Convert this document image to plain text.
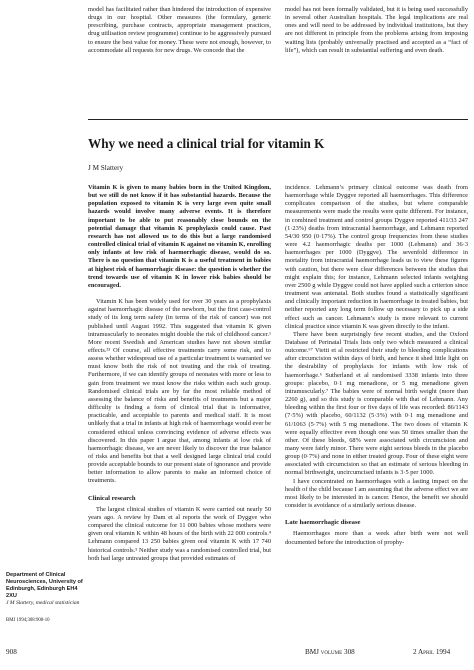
model has facilitated rather than hindered the introduction of expensive drugs in our hospital. Other measures (the formulary, generic prescribing, purchase contracts, appropriate management practices, drug utilisation review programme) continue to be aggressively pursued to ensure the best value for money. These were not enough, however, to accommodate all requests for new drugs. We concede that the
model has not been formally validated, but it is being used successfully in several other Australian hospitals. The legal implications are real ones and will need to be addressed by individual institutions, but they are not different in principle from the problems arising from imposing waiting lists (probably universally practised and accepted as a “fact of life”), which can result in substantial suffering and even death.
Why we need a clinical trial for vitamin K
J M Slattery

Vitamin K is given to many babies born in the United Kingdom, but we still do not know if it has substantial hazards. Because the population exposed to vitamin K is very large even quite small hazards would involve many adverse events. It is therefore important to be able to put reasonably close bounds on the potential damage that vitamin K prophylaxis could cause. Past research has not allowed us to do this but a large randomised controlled clinical trial of vitamin K against no vitamin K, enrolling only infants at low risk of haemorrhagic disease, would do so. There is no question that vitamin K is a useful treatment in babies at highest risk of haemorrhagic disease: the question is whether the trend towards use of vitamin K in lower risk babies should be encouraged.

Vitamin K has been widely used for over 30 years as a prophylaxis against haemorrhagic disease of the newborn, but the first case-control study of its long term safety (in terms of the risk of cancer) was not published until August 1992. This suggested that vitamin K given intramuscularly to neonates might double the risk of childhood cancer.¹ More recent Swedish and American studies have not shown similar effects.²³ Of course, all effective treatments carry some risk, and to assess whether widespread use of a particular treatment is warranted we must know both the risk of not treating and the risk of treating. Furthermore, if we can identify groups of neonates with more or less to gain from treatment we must know the risks within each such group. Randomised clinical trials are by far the most reliable method of assessing the balance of risks and benefits of treatments but a major difficulty is finding a form of clinical trial that is informative, practicable, and acceptable to parents and medical staff. It is most unlikely that a trial in infants at high risk of haemorrhage would ever be considered ethical unless convincing evidence of adverse effects was discovered. In this paper I argue that, among infants at low risk of haemorrhagic disease, we are never likely to discover the true balance of risks and benefits but that a well designed large clinical trial could provide acceptable bounds to our present state of ignorance and provide better information to allow parents to make an informed choice of treatments.

Clinical research

The largest clinical studies of vitamin K were carried out nearly 50 years ago. A review by Dam et al reports the work of Dyggve who compared the clinical outcome for 11 000 babies whose mothers were given oral vitamin K within 48 hours of the birth with 22 000 controls.⁴ Lehmann compared 13 250 babies given oral vitamin K with 17 740 historical controls.⁵ Neither study was a randomised controlled trial, but both had large untreated groups that provided estimates of

incidence. Lehmann’s primary clinical outcome was death from haemorrhage while Dyggve reported all haemorrhages. This difference complicates comparison of the studies, but where comparable measurements were made the results were quite different. For instance, in combined treatment and control groups Dyggve reported 411/33 247 (1·23%) deaths from intracranial haemorrhage, and Lehmann reported 54/30 950 (0·17%). The control group frequencies from these studies were 4.2 haemorrhagic deaths per 1000 (Lehmann) and 36·3 haemorrhages per 1000 (Dyggve). The sevenfold difference in mortality from intracranial haemorrhage leads us to view these figures with caution, but there were clear differences between the studies that might explain this; for instance, Lehmann selected infants weighing over 2500 g while Dyggve could not have applied such a criterion since treatment was antenatal. Both studies found a statistically significant and clinically important reduction in haemorrhage in treated babies, but neither reported any long term follow up necessary to pick up a side effect such as cancer. Lehmann’s study is more relevant to current clinical practice since vitamin K was given directly to the infant.

There have been surprisingly few recent studies, and the Oxford Database of Perinatal Trials lists only two which measured a clinical outcome.⁶⁷ Vietti et al restricted their study to bleeding complications after circumcision within days of birth, and hence it shed little light on the desirability of prophylaxis for infants with low risk of haemorrhage.⁶ Sutherland et al randomised 3338 infants into three groups: placebo, 0·1 mg menadione, or 5 mg menadione given intramuscularly.⁷ The babies were of normal birth weight (more than 2260 g), and so this study is comparable with that of Lehmann. Any bleeding within the first four or five days of life was recorded: 86/1143 (7·5%) with placebo, 60/1132 (5·3%) with 0·1 mg menadione and 61/1063 (5·7%) with 5 mg menadione. The two doses of vitamin K were equally effective even though one was 50 times smaller than the other. Of these bleeds, 68% were associated with circumcision and many were fairly minor. There were eight serious bleeds in the placebo group (0·7%) and none in either treated group. Four of these eight were associated with circumcision so that an estimate of serious bleeding in normal birthweight, uncircumcised infants is 3·5 per 1000.

I have concentrated on haemorrhages with a lasting impact on the health of the child because I am assuming that the adverse effect we are most likely to be interested in is cancer. Hence, the benefit we should consider is avoidance of a similarly serious disease.

Late haemorrhagic disease

Haemorrhages more than a week after birth were not well documented before the introduction of prophy-

Department of Clinical Neurosciences, University of Edinburgh, Edinburgh EH4 2XU
J M Slattery, medical statistician
BMJ 1994;308:908-10
908	BMJ volume 308	2 April 1994
